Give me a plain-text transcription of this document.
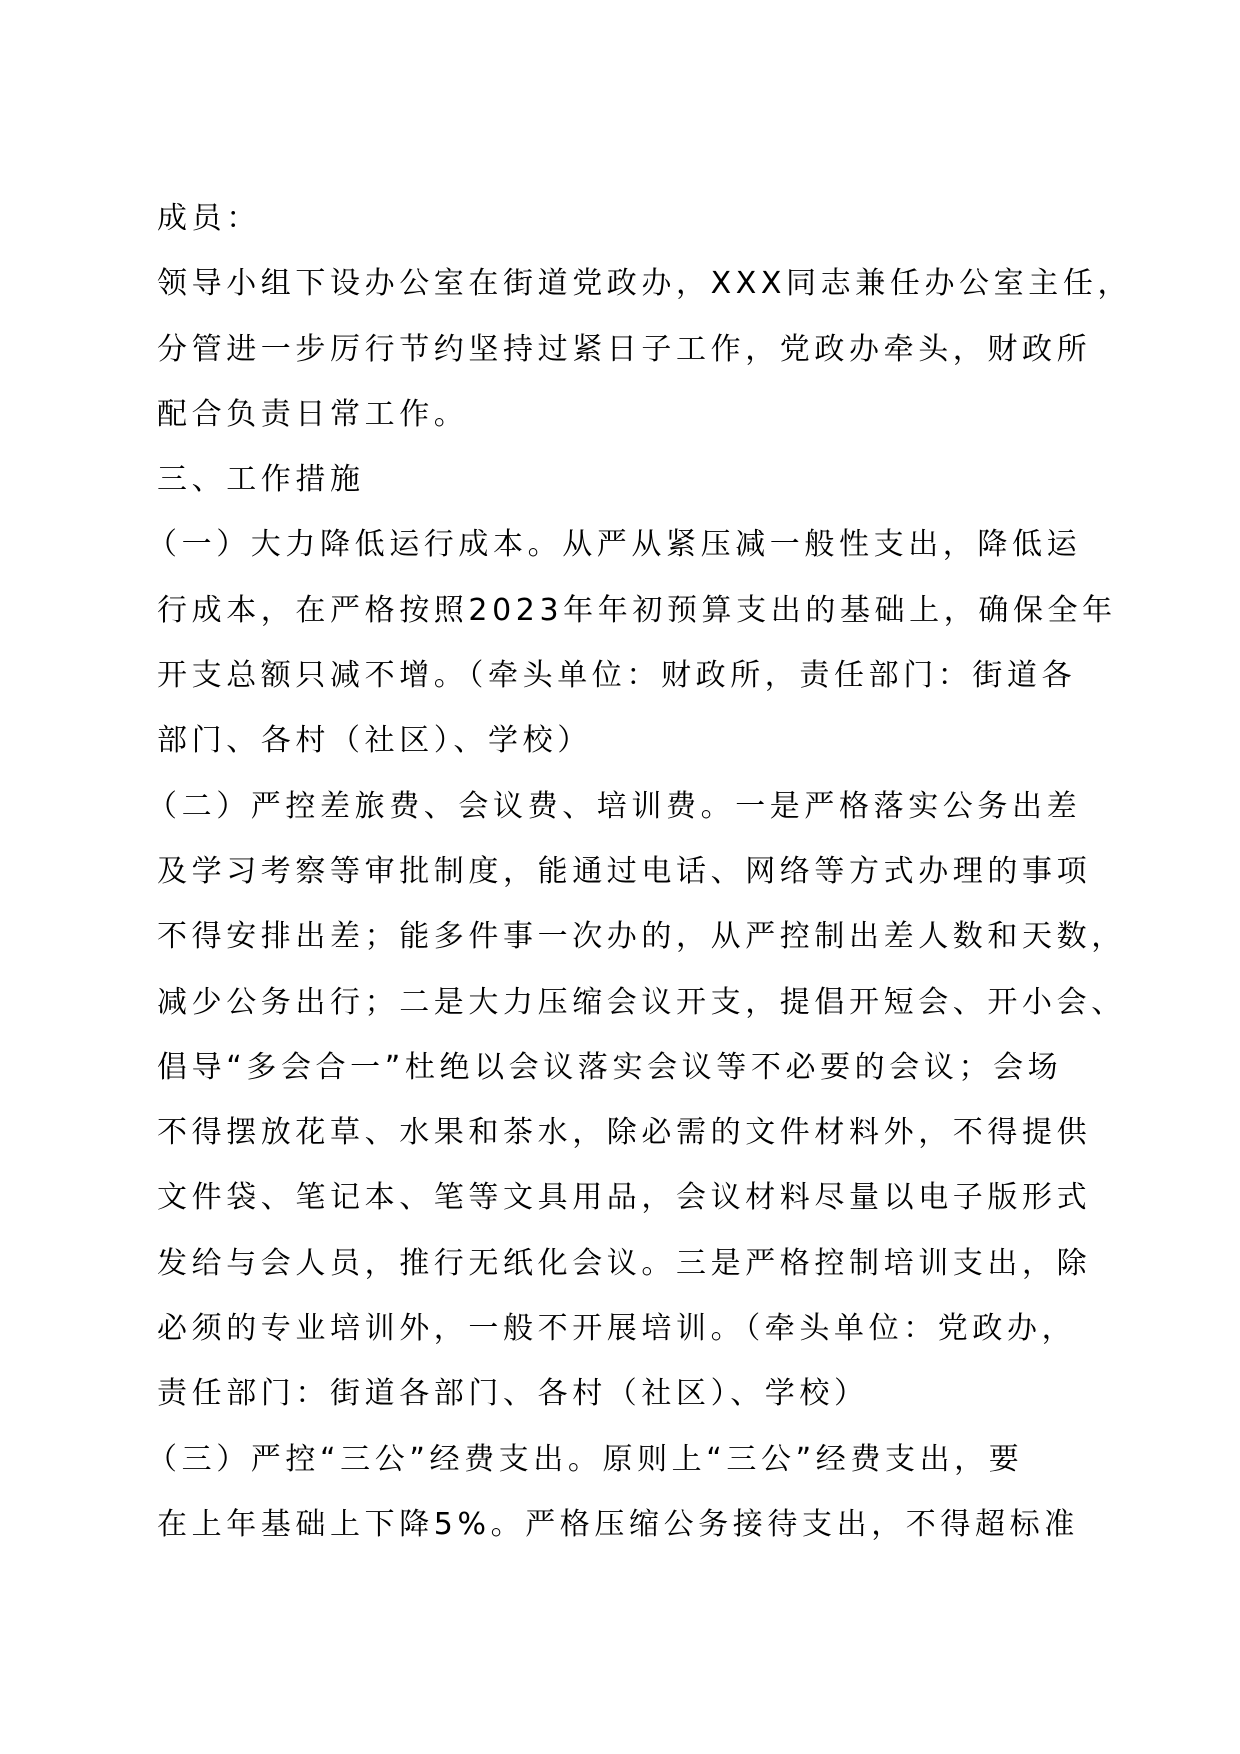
成员：
领导小组下设办公室在街道党政办，XXX同志兼任办公室主任，
分管进一步厉行节约坚持过紧日子工作，党政办牵头，财政所
配合负责日常工作。
三、工作措施
（一）大力降低运行成本。从严从紧压减一般性支出，降低运
行成本，在严格按照2023年年初预算支出的基础上，确保全年
开支总额只减不增。（牵头单位：财政所，责任部门：街道各
部门、各村（社区）、学校）
（二）严控差旅费、会议费、培训费。一是严格落实公务出差
及学习考察等审批制度，能通过电话、网络等方式办理的事项
不得安排出差；能多件事一次办的，从严控制出差人数和天数，
减少公务出行；二是大力压缩会议开支，提倡开短会、开小会、
倡导“多会合一”杜绝以会议落实会议等不必要的会议；会场
不得摆放花草、水果和茶水，除必需的文件材料外，不得提供
文件袋、笔记本、笔等文具用品，会议材料尽量以电子版形式
发给与会人员，推行无纸化会议。三是严格控制培训支出，除
必须的专业培训外，一般不开展培训。（牵头单位：党政办，
责任部门：街道各部门、各村（社区）、学校）
（三）严控“三公”经费支出。原则上“三公”经费支出，要
在上年基础上下降5%。严格压缩公务接待支出，不得超标准
